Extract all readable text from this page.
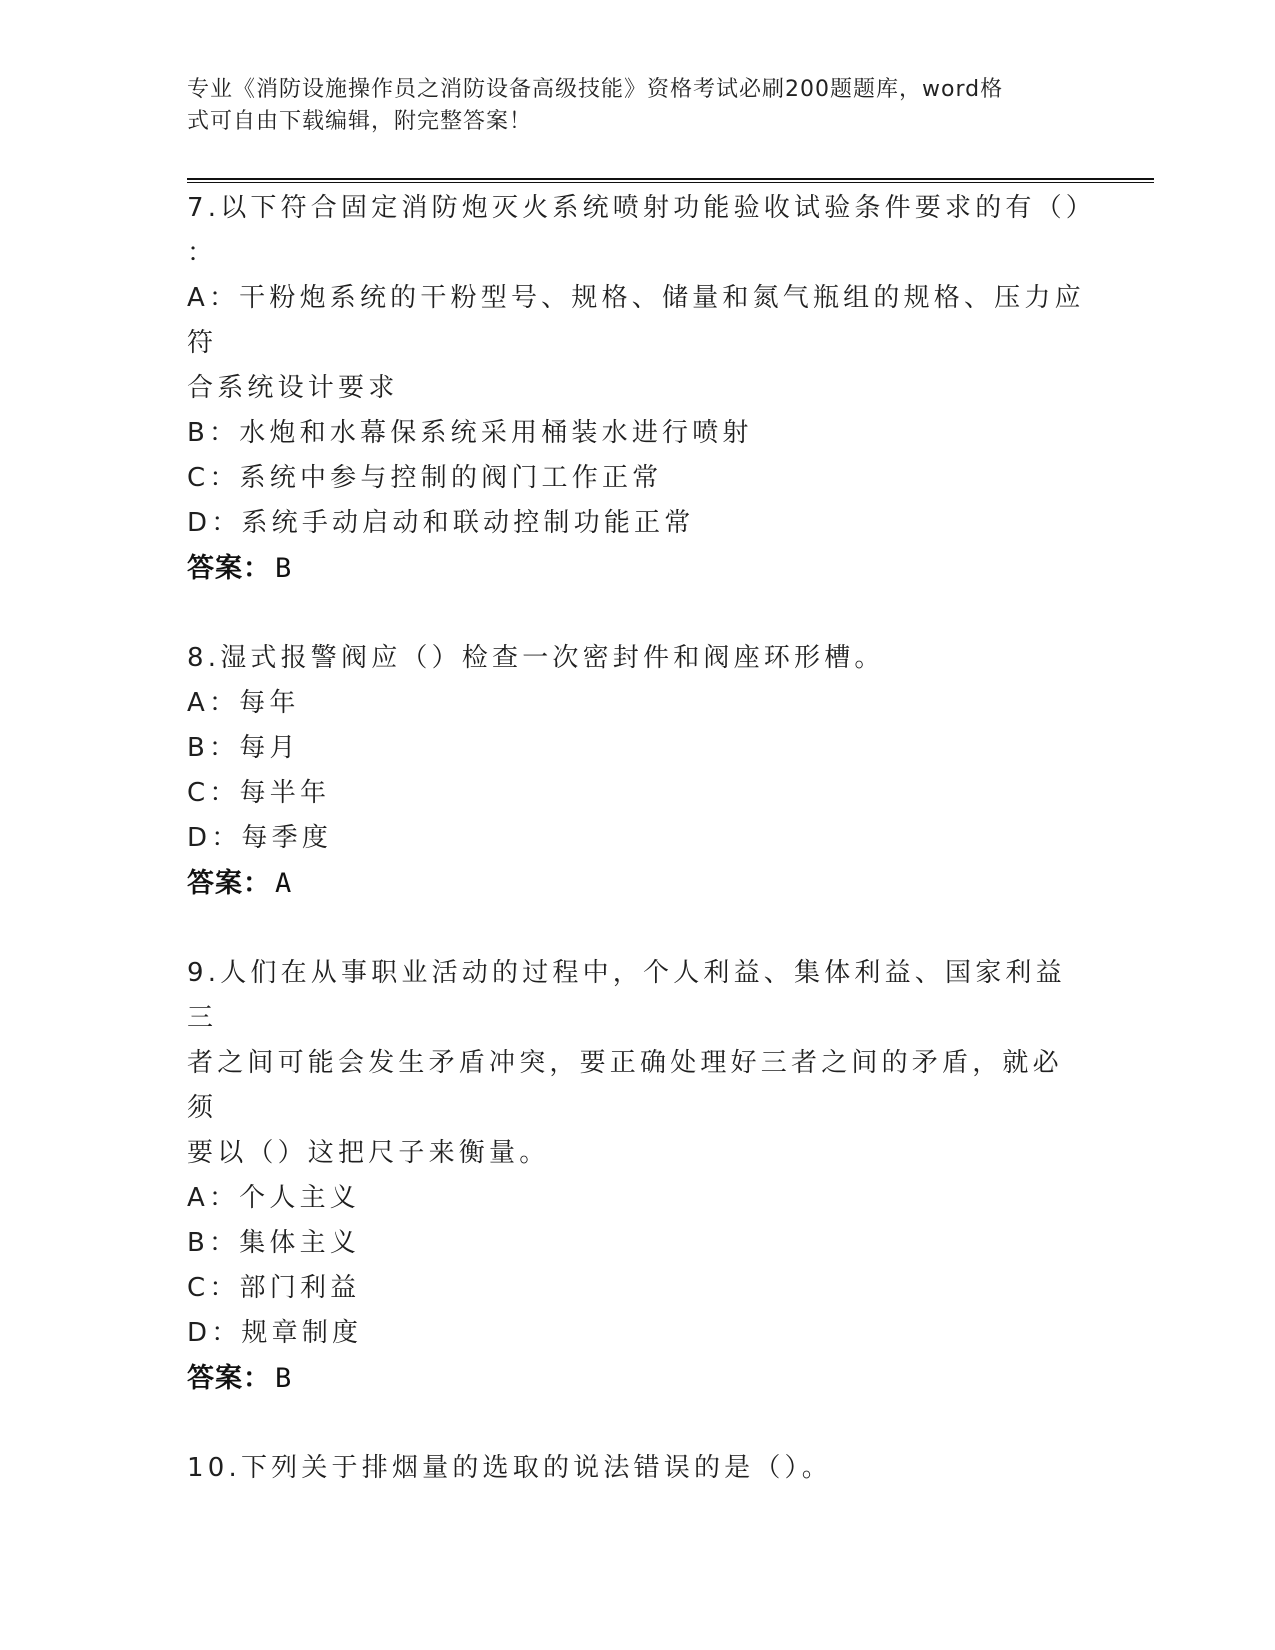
专业《消防设施操作员之消防设备高级技能》资格考试必刷200题题库，word格
式可自由下载编辑，附完整答案！
7.以下符合固定消防炮灭火系统喷射功能验收试验条件要求的有（）
：
A：干粉炮系统的干粉型号、规格、储量和氮气瓶组的规格、压力应符
合系统设计要求
B：水炮和水幕保系统采用桶装水进行喷射
C：系统中参与控制的阀门工作正常
D：系统手动启动和联动控制功能正常
答案： B
8.湿式报警阀应（）检查一次密封件和阀座环形槽。
A：每年
B：每月
C：每半年
D：每季度
答案： A
9.人们在从事职业活动的过程中，个人利益、集体利益、国家利益三
者之间可能会发生矛盾冲突，要正确处理好三者之间的矛盾，就必须
要以（）这把尺子来衡量。
A：个人主义
B：集体主义
C：部门利益
D：规章制度
答案： B
10.下列关于排烟量的选取的说法错误的是（）。
